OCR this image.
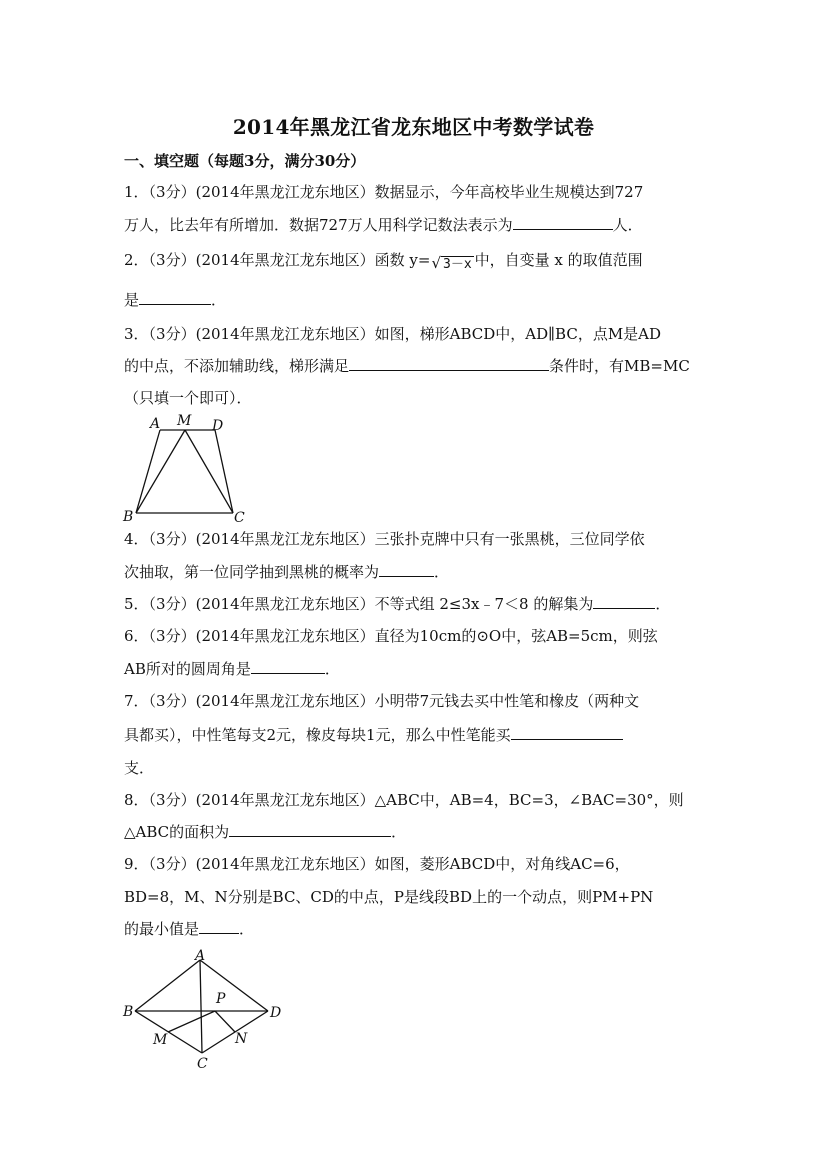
2014年黑龙江省龙东地区中考数学试卷
一、填空题（每题3分，满分30分）
1．（3分）(2014年黑龙江龙东地区）数据显示，今年高校毕业生规模达到727
万人，比去年有所增加．数据727万人用科学记数法表示为	人．
2．（3分）(2014年黑龙江龙东地区）函数 y=√ 3－x 中，自变量 x 的取值范围
是	．
3．（3分）(2014年黑龙江龙东地区）如图，梯形ABCD中，AD∥BC，点M是AD
的中点，不添加辅助线，梯形满足	条件时，有MB=MC
（只填一个即可）．
A M D
B	C
4．（3分）(2014年黑龙江龙东地区）三张扑克牌中只有一张黑桃，三位同学依
次抽取，第一位同学抽到黑桃的概率为	．
5．（3分）(2014年黑龙江龙东地区）不等式组 2≤3x﹣7＜8 的解集为	．
6．（3分）(2014年黑龙江龙东地区）直径为10cm的⊙O中，弦AB=5cm，则弦
AB所对的圆周角是	．
7．（3分）(2014年黑龙江龙东地区）小明带7元钱去买中性笔和橡皮（两种文
具都买），中性笔每支2元，橡皮每块1元，那么中性笔能买
支．
8．（3分）(2014年黑龙江龙东地区）△ABC中，AB=4，BC=3，∠BAC=30°，则
△ABC的面积为	．
9．（3分）(2014年黑龙江龙东地区）如图，菱形ABCD中，对角线AC=6，
BD=8，M、N分别是BC、CD的中点，P是线段BD上的一个动点，则PM+PN
的最小值是	．
A
B
C
D
P
M	N
